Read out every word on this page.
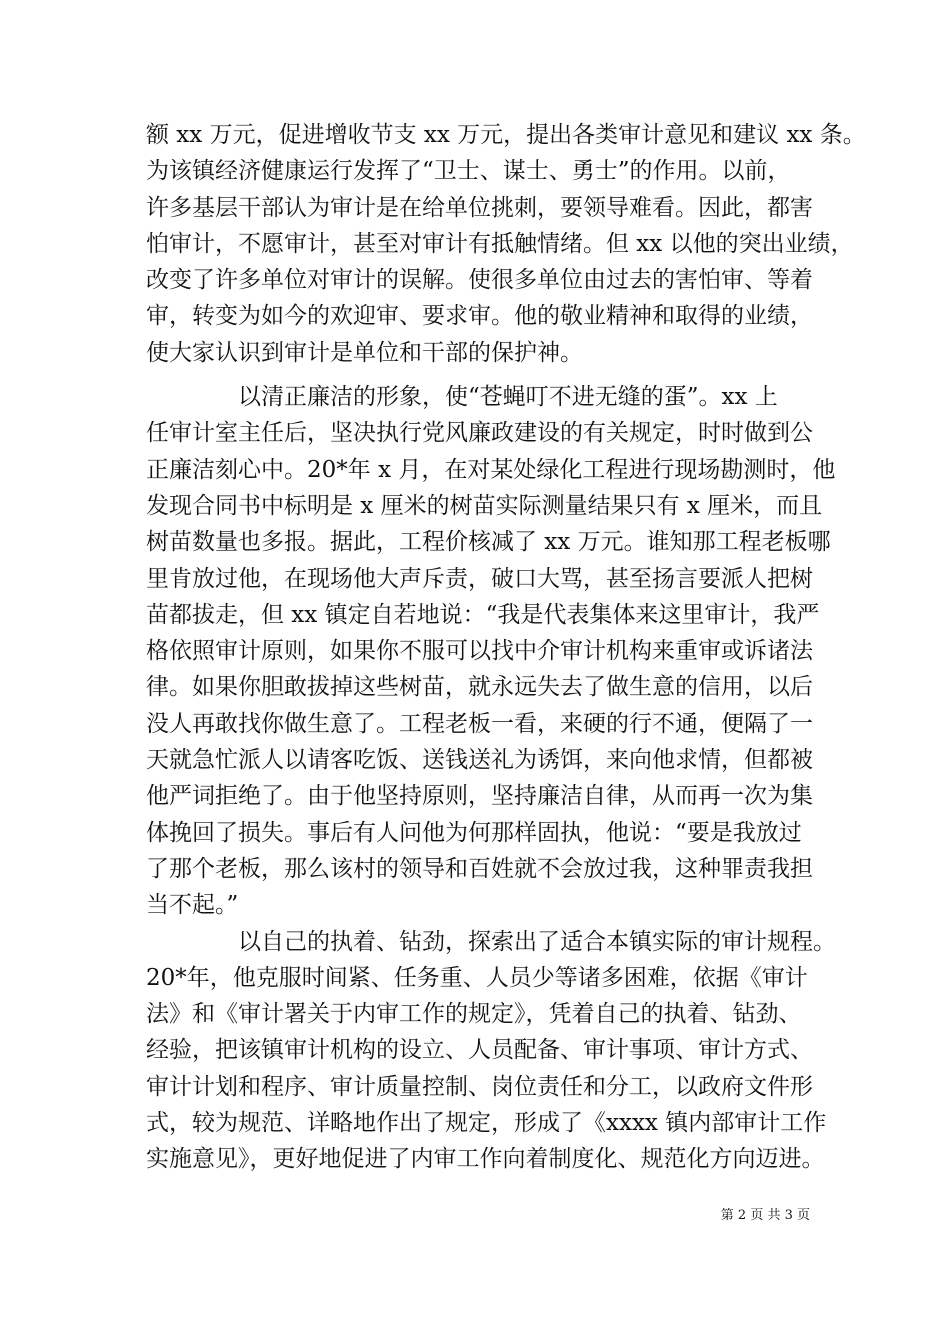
额 xx 万元，促进增收节支 xx 万元，提出各类审计意见和建议 xx 条。
为该镇经济健康运行发挥了“卫士、谋士、勇士”的作用。以前，
许多基层干部认为审计是在给单位挑刺，要领导难看。因此，都害
怕审计，不愿审计，甚至对审计有抵触情绪。但 xx 以他的突出业绩，
改变了许多单位对审计的误解。使很多单位由过去的害怕审、等着
审，转变为如今的欢迎审、要求审。他的敬业精神和取得的业绩，
使大家认识到审计是单位和干部的保护神。
以清正廉洁的形象，使“苍蝇叮不进无缝的蛋”。xx 上
任审计室主任后，坚决执行党风廉政建设的有关规定，时时做到公
正廉洁刻心中。20*年 x 月，在对某处绿化工程进行现场勘测时，他
发现合同书中标明是 x 厘米的树苗实际测量结果只有 x 厘米，而且
树苗数量也多报。据此，工程价核减了 xx 万元。谁知那工程老板哪
里肯放过他，在现场他大声斥责，破口大骂，甚至扬言要派人把树
苗都拔走，但 xx 镇定自若地说：“我是代表集体来这里审计，我严
格依照审计原则，如果你不服可以找中介审计机构来重审或诉诸法
律。如果你胆敢拔掉这些树苗，就永远失去了做生意的信用，以后
没人再敢找你做生意了。工程老板一看，来硬的行不通，便隔了一
天就急忙派人以请客吃饭、送钱送礼为诱饵，来向他求情，但都被
他严词拒绝了。由于他坚持原则，坚持廉洁自律，从而再一次为集
体挽回了损失。事后有人问他为何那样固执，他说：“要是我放过
了那个老板，那么该村的领导和百姓就不会放过我，这种罪责我担
当不起。”
以自己的执着、钻劲，探索出了适合本镇实际的审计规程。
20*年，他克服时间紧、任务重、人员少等诸多困难，依据《审计
法》和《审计署关于内审工作的规定》，凭着自己的执着、钻劲、
经验，把该镇审计机构的设立、人员配备、审计事项、审计方式、
审计计划和程序、审计质量控制、岗位责任和分工，以政府文件形
式，较为规范、详略地作出了规定，形成了《xxxx 镇内部审计工作
实施意见》，更好地促进了内审工作向着制度化、规范化方向迈进。
第 2 页 共 3 页
